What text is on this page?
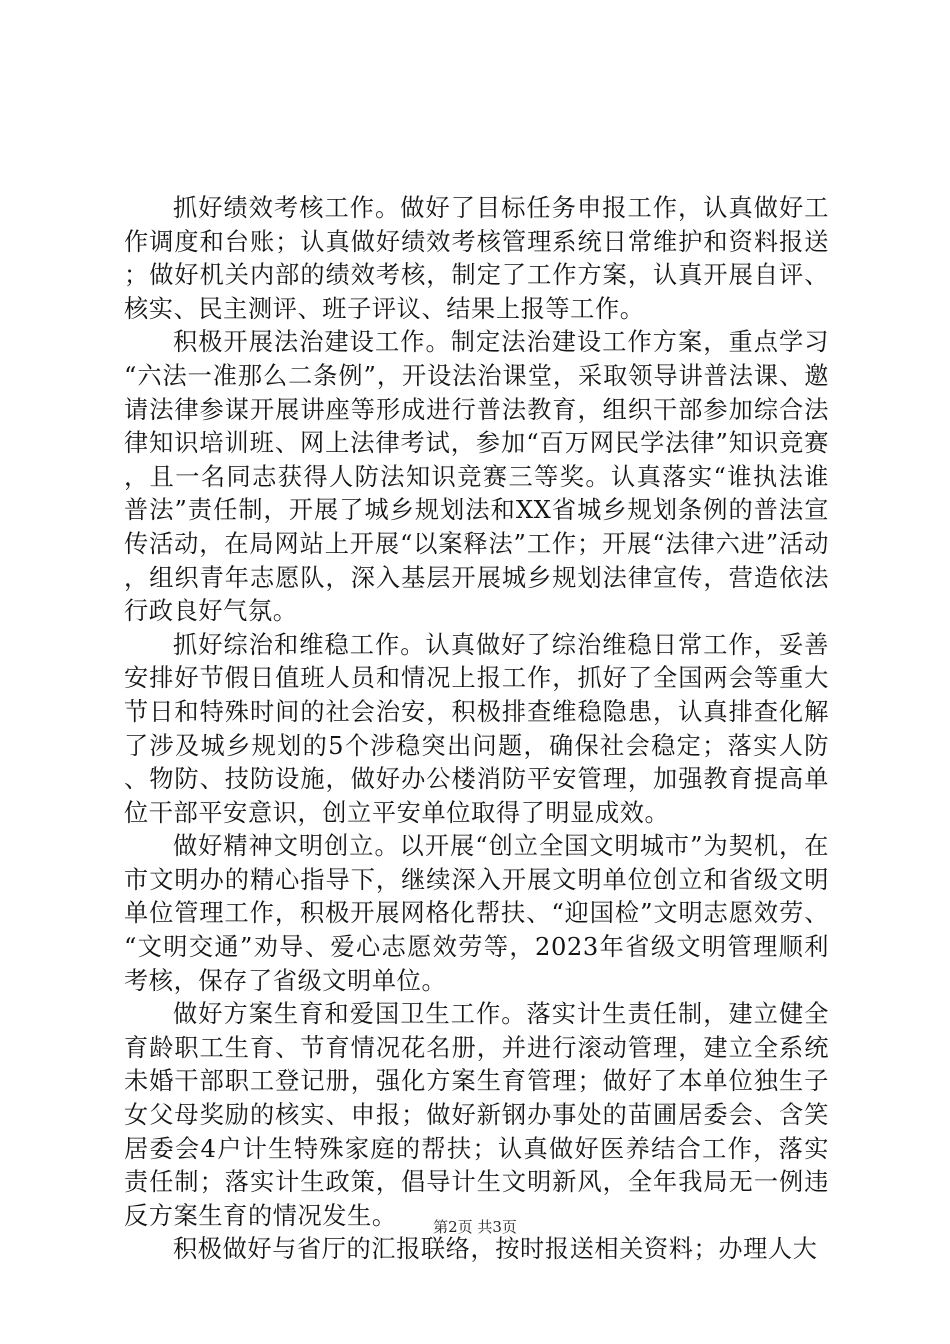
抓好绩效考核工作。做好了目标任务申报工作，认真做好工作调度和台账；认真做好绩效考核管理系统日常维护和资料报送；做好机关内部的绩效考核，制定了工作方案，认真开展自评、核实、民主测评、班子评议、结果上报等工作。

积极开展法治建设工作。制定法治建设工作方案，重点学习“六法一准那么二条例”，开设法治课堂，采取领导讲普法课、邀请法律参谋开展讲座等形成进行普法教育，组织干部参加综合法律知识培训班、网上法律考试，参加“百万网民学法律”知识竞赛，且一名同志获得人防法知识竞赛三等奖。认真落实“谁执法谁普法”责任制，开展了城乡规划法和XX省城乡规划条例的普法宣传活动，在局网站上开展“以案释法”工作；开展“法律六进”活动，组织青年志愿队，深入基层开展城乡规划法律宣传，营造依法行政良好气氛。

抓好综治和维稳工作。认真做好了综治维稳日常工作，妥善安排好节假日值班人员和情况上报工作，抓好了全国两会等重大节日和特殊时间的社会治安，积极排查维稳隐患，认真排查化解了涉及城乡规划的5个涉稳突出问题，确保社会稳定；落实人防、物防、技防设施，做好办公楼消防平安管理，加强教育提高单位干部平安意识，创立平安单位取得了明显成效。

做好精神文明创立。以开展“创立全国文明城市”为契机，在市文明办的精心指导下，继续深入开展文明单位创立和省级文明单位管理工作，积极开展网格化帮扶、“迎国检”文明志愿效劳、“文明交通”劝导、爱心志愿效劳等，2023年省级文明管理顺利考核，保存了省级文明单位。

做好方案生育和爱国卫生工作。落实计生责任制，建立健全育龄职工生育、节育情况花名册，并进行滚动管理，建立全系统未婚干部职工登记册，强化方案生育管理；做好了本单位独生子女父母奖励的核实、申报；做好新钢办事处的苗圃居委会、含笑居委会4户计生特殊家庭的帮扶；认真做好医养结合工作，落实责任制；落实计生政策，倡导计生文明新风，全年我局无一例违反方案生育的情况发生。

积极做好与省厅的汇报联络，按时报送相关资料；办理人大

第2页 共3页
